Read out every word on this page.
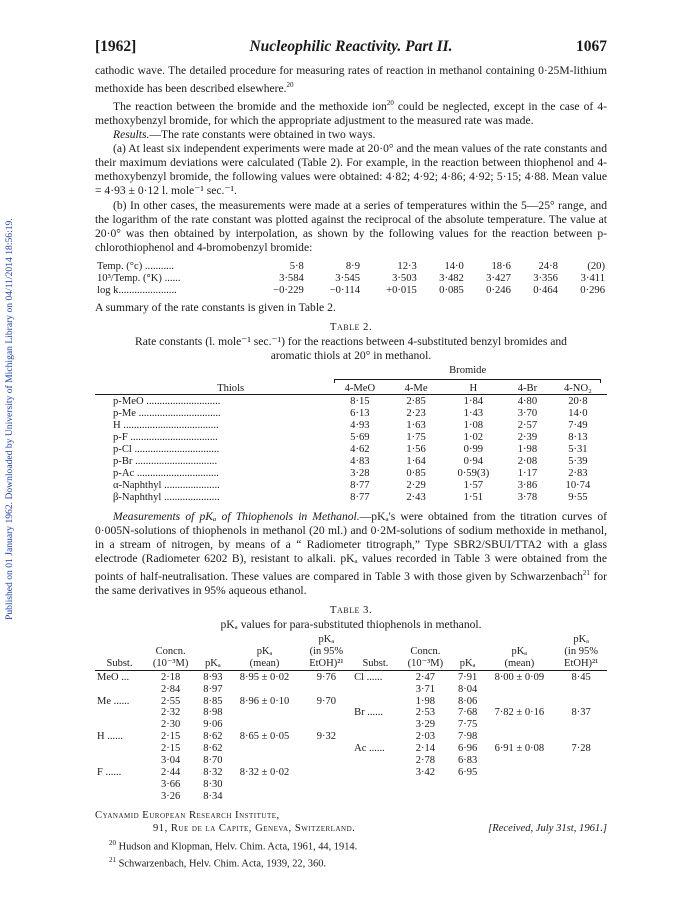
Published on 01 January 1962. Downloaded by University of Michigan Library on 04/11/2014 18:56:19.
[1962]	Nucleophilic Reactivity. Part II.	1067

cathodic wave. The detailed procedure for measuring rates of reaction in methanol containing 0·25M-lithium methoxide has been described elsewhere.$^{20}$

The reaction between the bromide and the methoxide ion$^{20}$ could be neglected, except in the case of 4-methoxybenzyl bromide, for which the appropriate adjustment to the measured rate was made.

Results.—The rate constants were obtained in two ways.

(a) At least six independent experiments were made at 20·0° and the mean values of the rate constants and their maximum deviations were calculated (Table 2). For example, in the reaction between thiophenol and 4-methoxybenzyl bromide, the following values were obtained: 4·82; 4·92; 4·86; 4·92; 5·15; 4·88. Mean value = 4·93 ± 0·12 l. mole⁻¹ sec.⁻¹.

(b) In other cases, the measurements were made at a series of temperatures within the 5—25° range, and the logarithm of the rate constant was plotted against the reciprocal of the absolute temperature. The value at 20·0° was then obtained by interpolation, as shown by the following values for the reaction between p-chlorothiophenol and 4-bromobenzyl bromide:

Temp. (°c) ...........	5·8	8·9	12·3	14·0	18·6	24·8	(20)
10³/Temp. (°K) ......	3·584	3·545	3·503	3·482	3·427	3·356	3·411
log k......................	−0·229	−0·114	+0·015	0·085	0·246	0·464	0·296

A summary of the rate constants is given in Table 2.

Table 2.
Rate constants (l. mole⁻¹ sec.⁻¹) for the reactions between 4-substituted benzyl bromides and aromatic thiols at 20° in methanol.
	Bromide				

Thiols	4-MeO	4-Me	H	4-Br	4-NO₂

p-MeO ............................	8·15	2·85	1·84	4·80	20·8
p-Me ...............................	6·13	2·23	1·43	3·70	14·0
H ....................................	4·93	1·63	1·08	2·57	7·49
p-F .................................	5·69	1·75	1·02	2·39	8·13
p-Cl ................................	4·62	1·56	0·99	1·98	5·31
p-Br ...............................	4·83	1·64	0·94	2·08	5·39
p-Ac ...............................	3·28	0·85	0·59(3)	1·17	2·83
α-Naphthyl .....................	8·77	2·29	1·57	3·86	10·74
β-Naphthyl .....................	8·77	2·43	1·51	3·78	9·55

Measurements of pKₐ of Thiophenols in Methanol.—pKₐ's were obtained from the titration curves of 0·005N-solutions of thiophenols in methanol (20 ml.) and 0·2M-solutions of sodium methoxide in methanol, in a stream of nitrogen, by means of a “ Radiometer titrograph,” Type SBR2/SBUI/TTA2 with a glass electrode (Radiometer 6202 B), resistant to alkali. pKₐ values recorded in Table 3 were obtained from the points of half-neutralisation. These values are compared in Table 3 with those given by Schwarzenbach$^{21}$ for the same derivatives in 95% aqueous ethanol.

Table 3.
pKₐ values for para-substituted thiophenols in methanol.
Subst.	Concn.
(10⁻³M)	pKₐ	pKₐ
(mean)	pKₐ
(in 95%
EtOH)²¹	Subst.	Concn.
(10⁻³M)	pKₐ	pKₐ
(mean)	pKₐ
(in 95%
EtOH)²¹

MeO ...	2·18	8·93	8·95 ± 0·02	9·76	Cl ......	2·47	7·91	8·00 ± 0·09	8·45
	2·84	8·97				3·71	8·04		
Me ......	2·55	8·85	8·96 ± 0·10	9·70		1·98	8·06		
	2·32	8·98			Br ......	2·53	7·68	7·82 ± 0·16	8·37
	2·30	9·06				3·29	7·75		
H ......	2·15	8·62	8·65 ± 0·05	9·32		2·03	7·98		
	2·15	8·62			Ac ......	2·14	6·96	6·91 ± 0·08	7·28
	3·04	8·70				2·78	6·83		
F ......	2·44	8·32	8·32 ± 0·02			3·42	6·95		
	3·66	8·30							
	3·26	8·34							
Cyanamid European Research Institute,
91, Rue de la Capite, Geneva, Switzerland.	[Received, July 31st, 1961.]
$^{20}$ Hudson and Klopman, Helv. Chim. Acta, 1961, 44, 1914.
$^{21}$ Schwarzenbach, Helv. Chim. Acta, 1939, 22, 360.
